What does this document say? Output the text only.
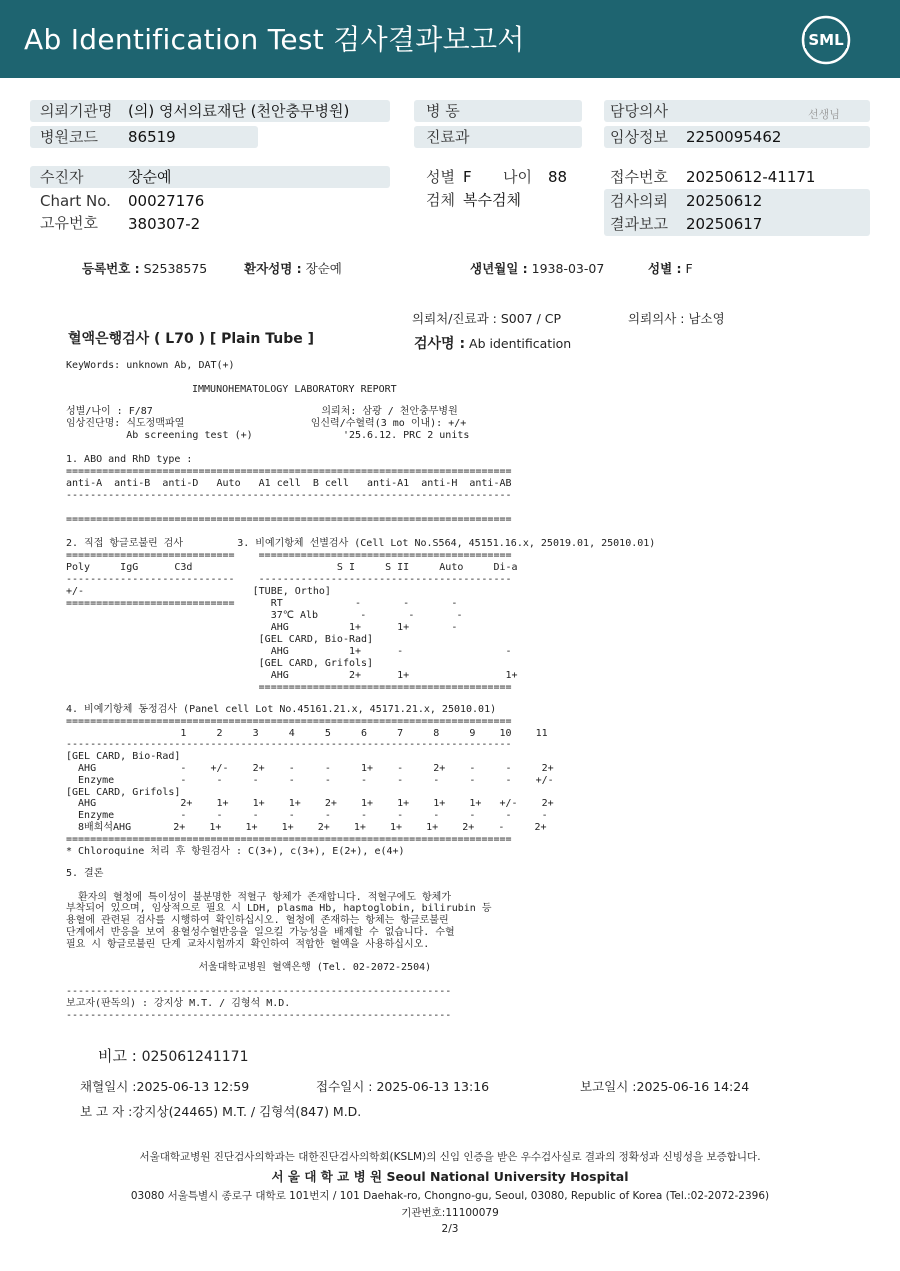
Ab Identification Test 검사결과보고서	SML
의뢰기관명 (의) 영서의료재단 (천안충무병원)
병원코드 86519
병 동
진료과
담당의사	선생님
임상정보 2250095462
수진자	장순예
Chart No. 00027176
고유번호 380307-2
성별 F 나이 88
검체 복수검체
접수번호 20250612-41171
검사의뢰 20250612
결과보고 20250617
등록번호 : S2538575	환자성명 : 장순예	생년월일 : 1938-03-07	성별 : F
의뢰처/진료과 : S007 / CP	의뢰의사 : 남소영
혈액은행검사 ( L70 ) [ Plain Tube ]	검사명 : Ab identification
KeyWords: unknown Ab, DAT(+)
IMMUNOHEMATOLOGY LABORATORY REPORT
성별/나이 : F/87                            의뢰처: 삼광 / 천안충무병원
임상진단명: 식도정맥파열                     임신력/수혈력(3 mo 이내): +/+
Ab screening test (+)               '25.6.12. PRC 2 units
1. ABO and RhD type :
==========================================================================
anti-A  anti-B  anti-D   Auto   A1 cell  B cell   anti-A1  anti-H  anti-AB
--------------------------------------------------------------------------
==========================================================================
2. 직접 항글로불린 검사         3. 비예기항체 선별검사 (Cell Lot No.S564, 45151.16.x, 25019.01, 25010.01)
============================    ==========================================
Poly     IgG      C3d                        S I     S II     Auto     Di-a
----------------------------    ------------------------------------------
+/-                            [TUBE, Ortho]
============================      RT            -       -       -
37℃ Alb       -       -       -
AHG          1+      1+       -
[GEL CARD, Bio-Rad]
AHG          1+      -                 -
[GEL CARD, Grifols]
AHG          2+      1+                1+
==========================================
4. 비예기항체 동정검사 (Panel cell Lot No.45161.21.x, 45171.21.x, 25010.01)
==========================================================================
1     2     3     4     5     6     7     8     9    10    11
--------------------------------------------------------------------------
[GEL CARD, Bio-Rad]
AHG              -    +/-    2+    -     -     1+    -     2+    -     -     2+
Enzyme           -     -     -     -     -     -     -     -     -     -    +/-
[GEL CARD, Grifols]
AHG              2+    1+    1+    1+    2+    1+    1+    1+    1+   +/-    2+
Enzyme           -     -     -     -     -     -     -     -     -     -     -
8배희석AHG       2+    1+    1+    1+    2+    1+    1+    1+    2+    -     2+
==========================================================================
* Chloroquine 처리 후 항원검사 : C(3+), c(3+), E(2+), e(4+)
5. 결론
환자의 혈청에 특이성이 불분명한 적혈구 항체가 존재합니다. 적혈구에도 항체가
부착되어 있으며, 임상적으로 필요 시 LDH, plasma Hb, haptoglobin, bilirubin 등
용혈에 관련된 검사를 시행하여 확인하십시오. 혈청에 존재하는 항체는 항글로불린
단계에서 반응을 보여 용혈성수혈반응을 일으킬 가능성을 배제할 수 없습니다. 수혈
필요 시 항글로불린 단계 교차시험까지 확인하여 적합한 혈액을 사용하십시오.
서울대학교병원 혈액은행 (Tel. 02-2072-2504)
----------------------------------------------------------------
보고자(판독의) : 강지상 M.T. / 김형석 M.D.
----------------------------------------------------------------
비고 : 025061241171
채혈일시 :2025-06-13 12:59	접수일시 : 2025-06-13 13:16	보고일시 :2025-06-16 14:24
보 고 자 :강지상(24465) M.T. / 김형석(847) M.D.
서울대학교병원 진단검사의학과는 대한진단검사의학회(KSLM)의 신임 인증을 받은 우수검사실로 결과의 정확성과 신빙성을 보증합니다.
서 울 대 학 교 병 원 Seoul National University Hospital
03080 서울특별시 종로구 대학로 101번지 / 101 Daehak-ro, Chongno-gu, Seoul, 03080, Republic of Korea (Tel.:02-2072-2396)
기관번호:11100079
2/3
